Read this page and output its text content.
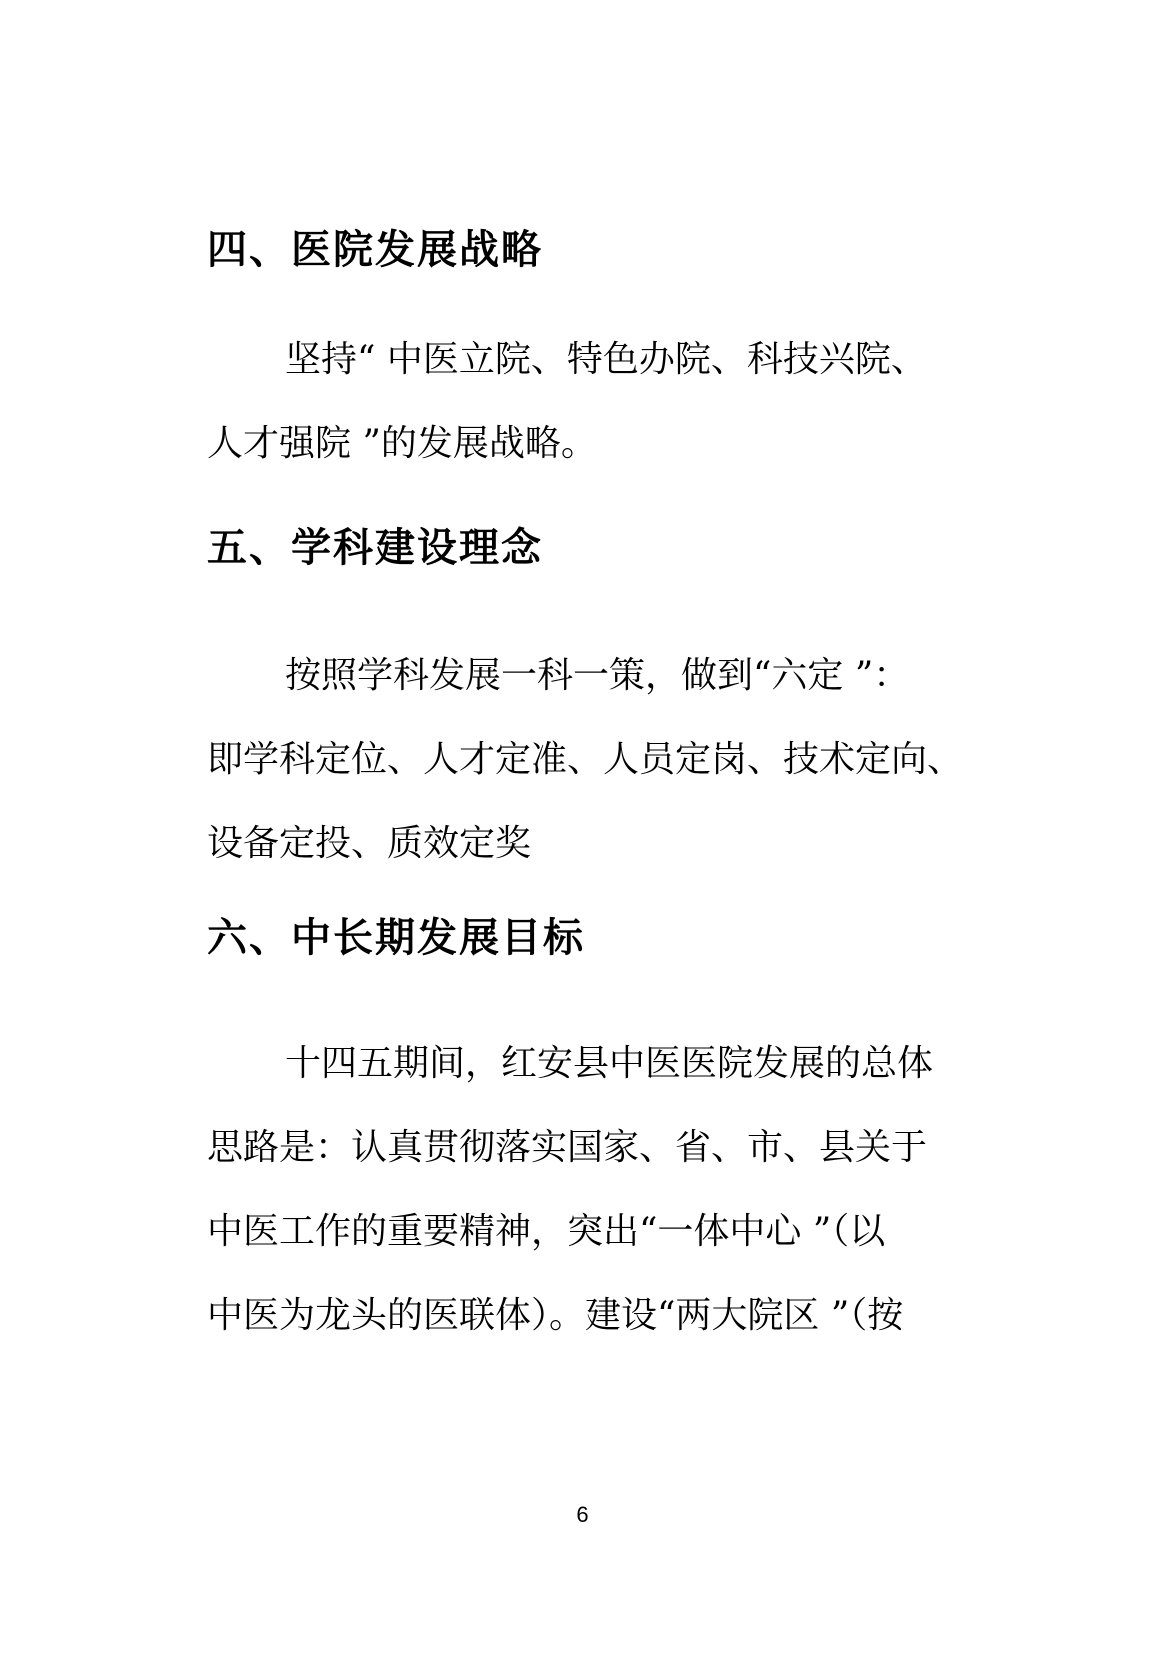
四、医院发展战略
坚持“ 中医立院、特色办院、科技兴院、
人才强院 ”的发展战略。
五、学科建设理念
按照学科发展一科一策，做到“六定 ”：
即学科定位、人才定准、人员定岗、技术定向、
设备定投、质效定奖
六、中长期发展目标
十四五期间，红安县中医医院发展的总体
思路是：认真贯彻落实国家、省、市、县关于
中医工作的重要精神，突出“一体中心 ”（以
中医为龙头的医联体）。建设“两大院区 ”（按
6
